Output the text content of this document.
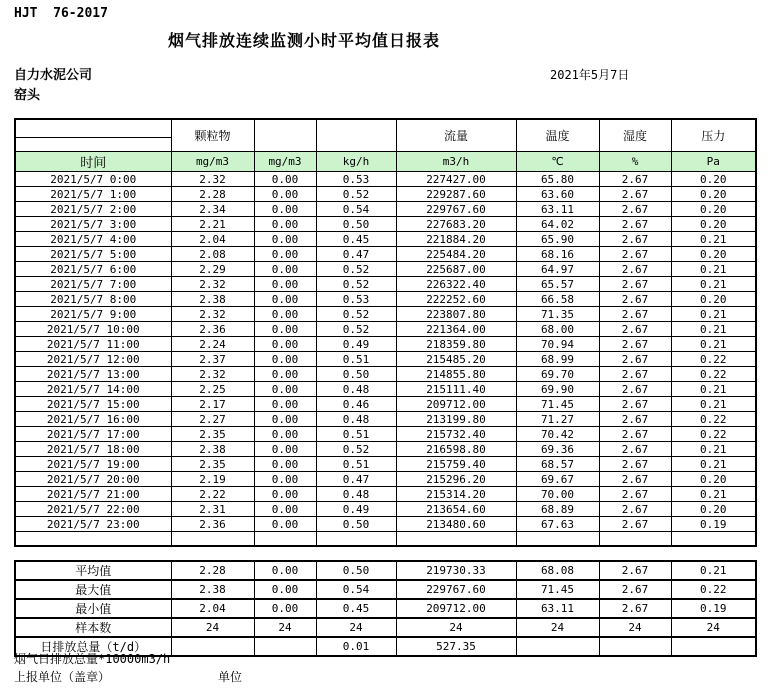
HJT  76-2017
烟气排放连续监测小时平均值日报表
自力水泥公司	2021年5月7日
窑头
	颗粒物			流量	温度	湿度	压力

时间	mg/m3	mg/m3	kg/h	m3/h	℃	%	Pa
2021/5/7 0:00	2.32	0.00	0.53	227427.00	65.80	2.67	0.20
2021/5/7 1:00	2.28	0.00	0.52	229287.60	63.60	2.67	0.20
2021/5/7 2:00	2.34	0.00	0.54	229767.60	63.11	2.67	0.20
2021/5/7 3:00	2.21	0.00	0.50	227683.20	64.02	2.67	0.20
2021/5/7 4:00	2.04	0.00	0.45	221884.20	65.90	2.67	0.21
2021/5/7 5:00	2.08	0.00	0.47	225484.20	68.16	2.67	0.20
2021/5/7 6:00	2.29	0.00	0.52	225687.00	64.97	2.67	0.21
2021/5/7 7:00	2.32	0.00	0.52	226322.40	65.57	2.67	0.21
2021/5/7 8:00	2.38	0.00	0.53	222252.60	66.58	2.67	0.20
2021/5/7 9:00	2.32	0.00	0.52	223807.80	71.35	2.67	0.21
2021/5/7 10:00	2.36	0.00	0.52	221364.00	68.00	2.67	0.21
2021/5/7 11:00	2.24	0.00	0.49	218359.80	70.94	2.67	0.21
2021/5/7 12:00	2.37	0.00	0.51	215485.20	68.99	2.67	0.22
2021/5/7 13:00	2.32	0.00	0.50	214855.80	69.70	2.67	0.22
2021/5/7 14:00	2.25	0.00	0.48	215111.40	69.90	2.67	0.21
2021/5/7 15:00	2.17	0.00	0.46	209712.00	71.45	2.67	0.21
2021/5/7 16:00	2.27	0.00	0.48	213199.80	71.27	2.67	0.22
2021/5/7 17:00	2.35	0.00	0.51	215732.40	70.42	2.67	0.22
2021/5/7 18:00	2.38	0.00	0.52	216598.80	69.36	2.67	0.21
2021/5/7 19:00	2.35	0.00	0.51	215759.40	68.57	2.67	0.21
2021/5/7 20:00	2.19	0.00	0.47	215296.20	69.67	2.67	0.20
2021/5/7 21:00	2.22	0.00	0.48	215314.20	70.00	2.67	0.21
2021/5/7 22:00	2.31	0.00	0.49	213654.60	68.89	2.67	0.20
2021/5/7 23:00	2.36	0.00	0.50	213480.60	67.63	2.67	0.19

平均值	2.28	0.00	0.50	219730.33	68.08	2.67	0.21
最大值	2.38	0.00	0.54	229767.60	71.45	2.67	0.22
最小值	2.04	0.00	0.45	209712.00	63.11	2.67	0.19
样本数	24	24	24	24	24	24	24
日排放总量（t/d）			0.01	527.35			
烟气日排放总量*10000m3/h
上报单位（盖章）	单位
